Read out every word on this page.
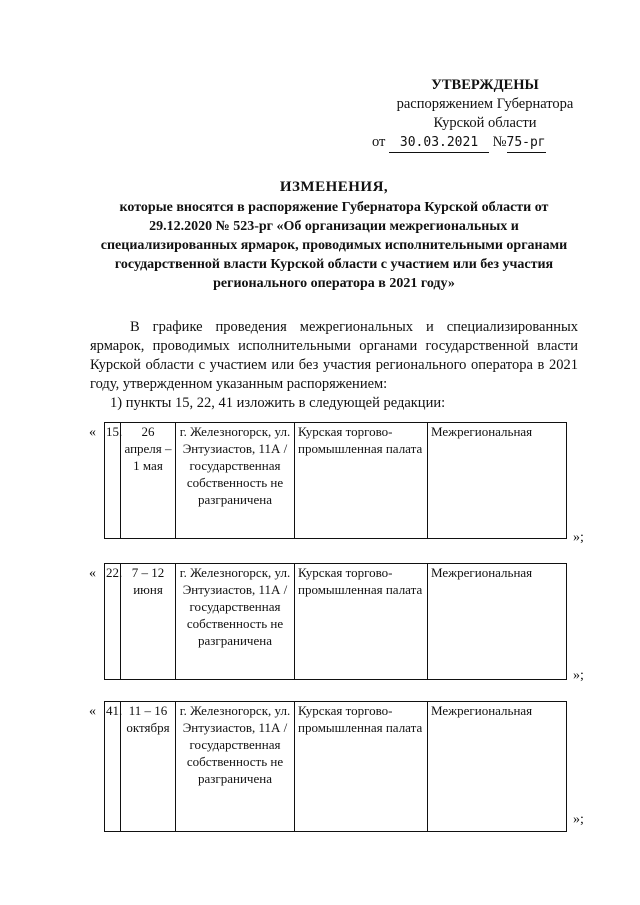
УТВЕРЖДЕНЫ
распоряжением Губернатора
Курской области
от 30.03.2021 №75-рг
ИЗМЕНЕНИЯ,
которые вносятся в распоряжение Губернатора Курской области от 29.12.2020 № 523-рг «Об организации межрегиональных и специализированных ярмарок, проводимых исполнительными органами государственной власти Курской области с участием или без участия регионального оператора в 2021 году»
В графике проведения межрегиональных и специализированных ярмарок, проводимых исполнительными органами государственной власти Курской области с участием или без участия регионального оператора в 2021 году, утвержденном указанным распоряжением:
1) пункты 15, 22, 41 изложить в следующей редакции:
« 15.	26 апреля – 1 мая	г. Железногорск, ул. Энтузиастов, 11А / государственная собственность не разграничена	Курская торгово-промышленная палата	Межрегиональная
»;
« 22.	7 – 12 июня	г. Железногорск, ул. Энтузиастов, 11А / государственная собственность не разграничена	Курская торгово-промышленная палата	Межрегиональная
»;
« 41.	11 – 16 октября	г. Железногорск, ул. Энтузиастов, 11А / государственная собственность не разграничена	Курская торгово-промышленная палата	Межрегиональная
»;
